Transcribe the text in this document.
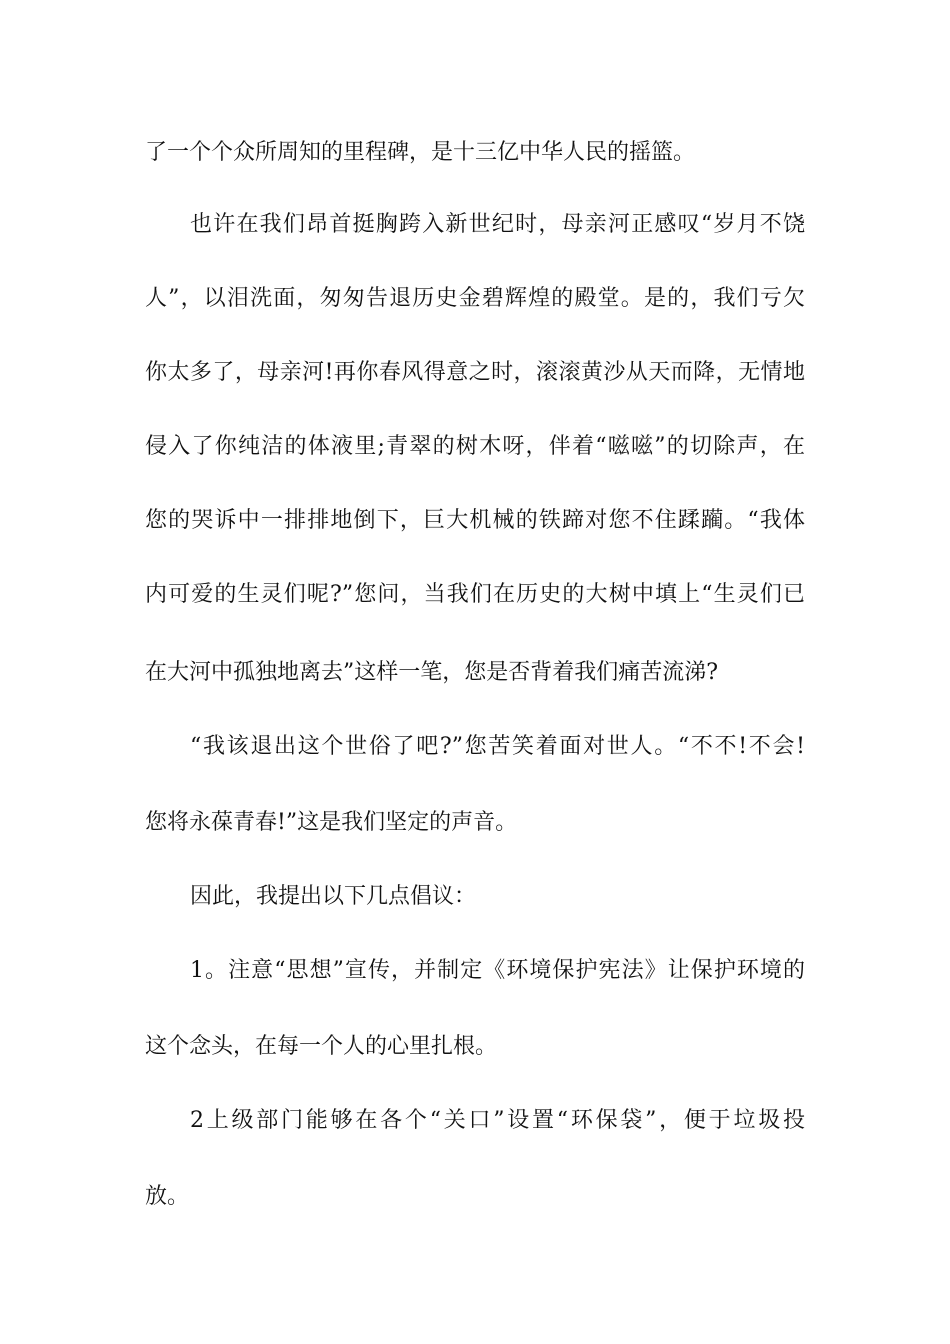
了一个个众所周知的里程碑，是十三亿中华人民的摇篮。
也许在我们昂首挺胸跨入新世纪时，母亲河正感叹“岁月不饶
人”，以泪洗面，匆匆告退历史金碧辉煌的殿堂。是的，我们亏欠
你太多了，母亲河!再你春风得意之时，滚滚黄沙从天而降，无情地
侵入了你纯洁的体液里;青翠的树木呀，伴着“嗞嗞”的切除声，在
您的哭诉中一排排地倒下，巨大机械的铁蹄对您不住蹂躏。“我体
内可爱的生灵们呢?”您问，当我们在历史的大树中填上“生灵们已
在大河中孤独地离去”这样一笔，您是否背着我们痛苦流涕?
“我该退出这个世俗了吧?”您苦笑着面对世人。“不不!不会!
您将永葆青春!”这是我们坚定的声音。
因此，我提出以下几点倡议：
1。注意“思想”宣传，并制定《环境保护宪法》让保护环境的
这个念头，在每一个人的心里扎根。
2上级部门能够在各个“关口”设置“环保袋”，便于垃圾投
放。
